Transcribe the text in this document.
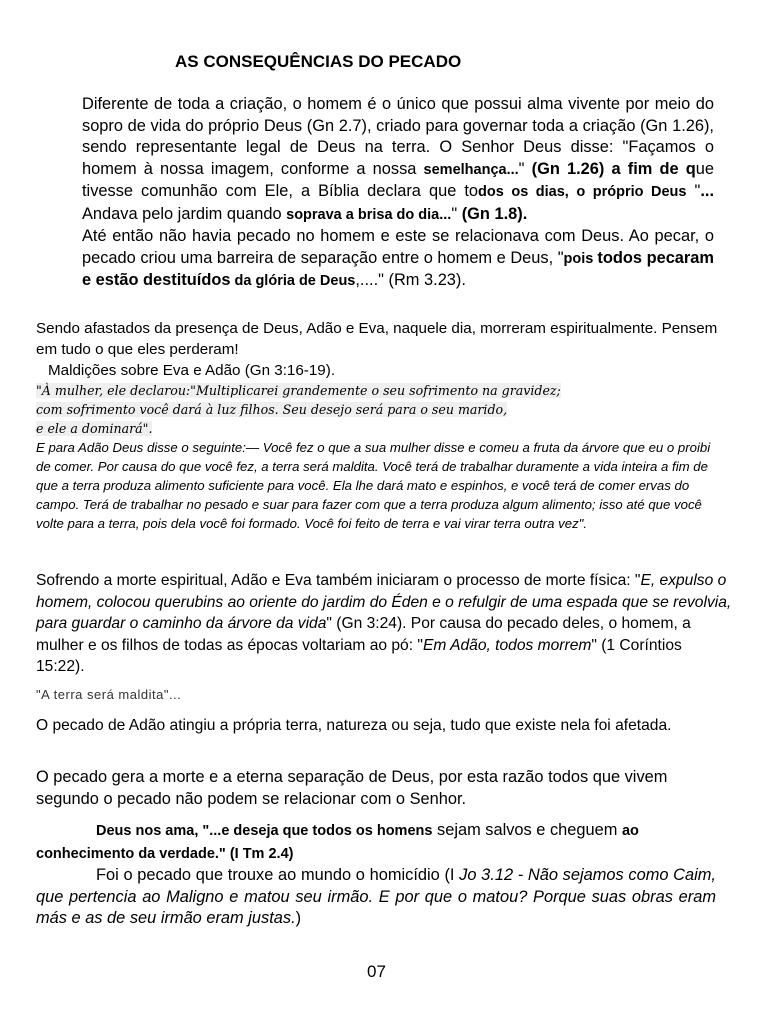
AS CONSEQUÊNCIAS DO PECADO

Diferente de toda a criação, o homem é o único que possui alma vivente por meio do sopro de vida do próprio Deus (Gn 2.7), criado para governar toda a criação (Gn 1.26), sendo representante legal de Deus na terra. O Senhor Deus disse: "Façamos o homem à nossa imagem, conforme a nossa semelhança..." (Gn 1.26) a fim de que tivesse comunhão com Ele, a Bíblia declara que todos os dias, o próprio Deus "... Andava pelo jardim quando soprava a brisa do dia..." (Gn 1.8).

Até então não havia pecado no homem e este se relacionava com Deus. Ao pecar, o pecado criou uma barreira de separação entre o homem e Deus, "pois todos pecaram e estão destituídos da glória de Deus,...." (Rm 3.23).

Sendo afastados da presença de Deus, Adão e Eva, naquele dia, morreram espiritualmente. Pensem em tudo o que eles perderam!

Maldições sobre Eva e Adão (Gn 3:16-19).

"À mulher, ele declarou:"Multiplicarei grandemente o seu sofrimento na gravidez;
com sofrimento você dará à luz filhos. Seu desejo será para o seu marido,
e ele a dominará".

E para Adão Deus disse o seguinte:— Você fez o que a sua mulher disse e comeu a fruta da árvore que eu o proibi de comer. Por causa do que você fez, a terra será maldita. Você terá de trabalhar duramente a vida inteira a fim de que a terra produza alimento suficiente para você. Ela lhe dará mato e espinhos, e você terá de comer ervas do campo. Terá de trabalhar no pesado e suar para fazer com que a terra produza algum alimento; isso até que você volte para a terra, pois dela você foi formado. Você foi feito de terra e vai virar terra outra vez".

Sofrendo a morte espiritual, Adão e Eva também iniciaram o processo de morte física: "E, expulso o homem, colocou querubins ao oriente do jardim do Éden e o refulgir de uma espada que se revolvia, para guardar o caminho da árvore da vida" (Gn 3:24). Por causa do pecado deles, o homem, a mulher e os filhos de todas as épocas voltariam ao pó: "Em Adão, todos morrem" (1 Coríntios 15:22).

"A terra será maldita"...
O pecado de Adão atingiu a própria terra, natureza ou seja, tudo que existe nela foi afetada.
O pecado gera a morte e a eterna separação de Deus, por esta razão todos que vivem segundo o pecado não podem se relacionar com o Senhor.

Deus nos ama, "...e deseja que todos os homens sejam salvos e cheguem ao conhecimento da verdade." (I Tm 2.4)

Foi o pecado que trouxe ao mundo o homicídio (I Jo 3.12 - Não sejamos como Caim, que pertencia ao Maligno e matou seu irmão. E por que o matou? Porque suas obras eram más e as de seu irmão eram justas.)

07
